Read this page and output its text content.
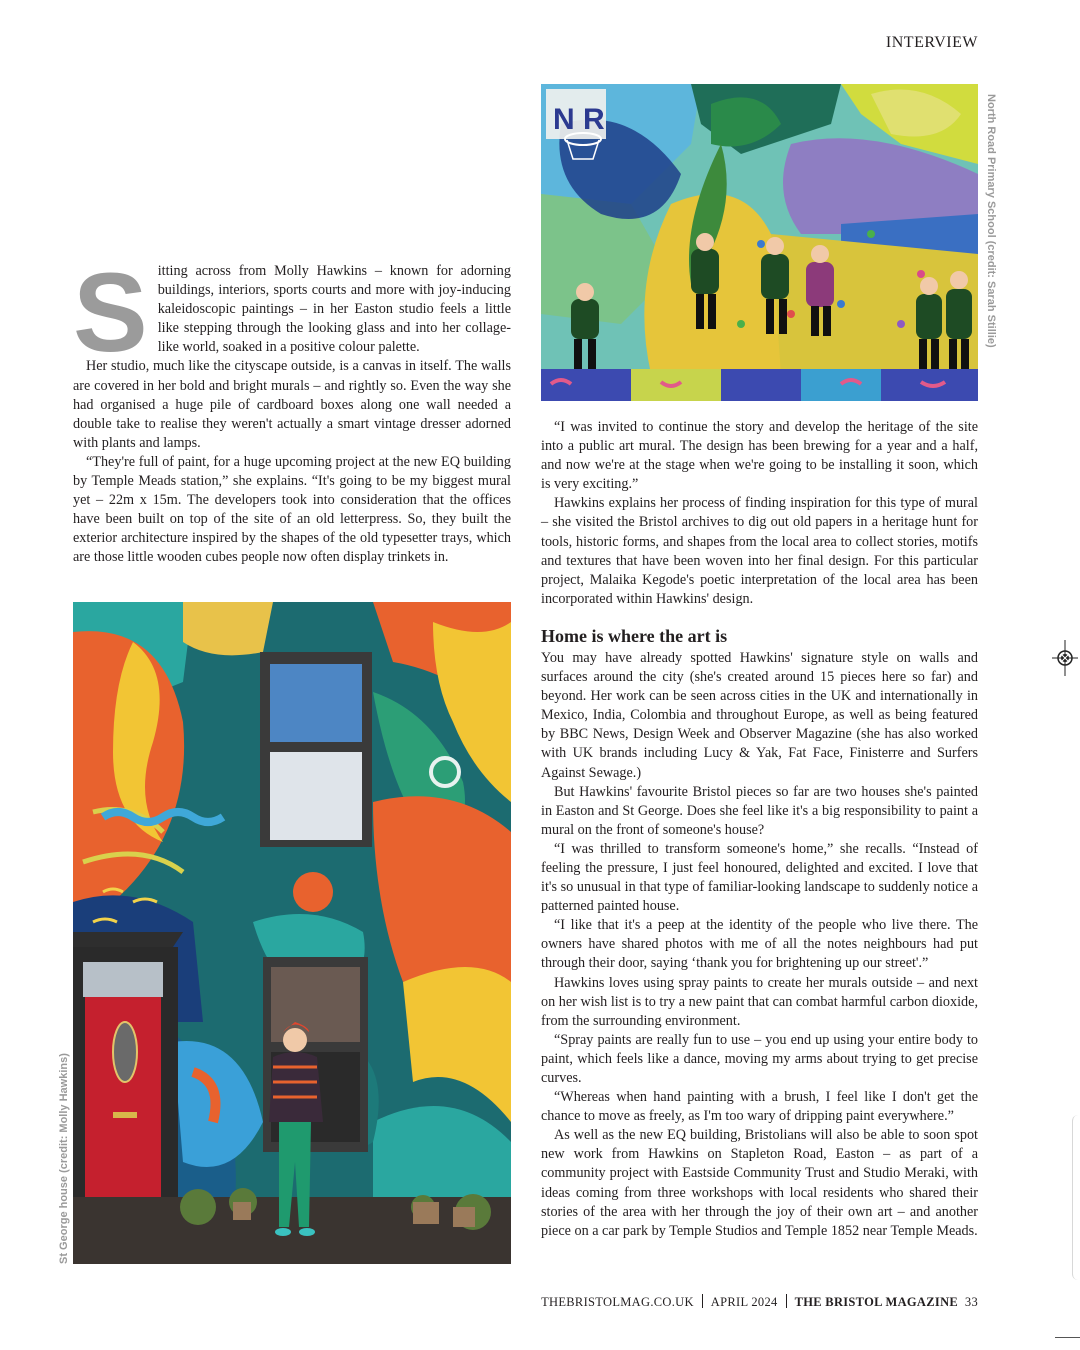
INTERVIEW
N R	North Road Primary School (credit: Sarah Stillie)
S itting across from Molly Hawkins – known for adorning buildings, interiors, sports courts and more with joy-inducing kaleidoscopic paintings – in her Easton studio feels a little like stepping through the looking glass and into her collage-like world, soaked in a positive colour palette.

Her studio, much like the cityscape outside, is a canvas in itself. The walls are covered in her bold and bright murals – and rightly so. Even the way she had organised a huge pile of cardboard boxes along one wall needed a double take to realise they weren't actually a smart vintage dresser adorned with plants and lamps.

“They're full of paint, for a huge upcoming project at the new EQ building by Temple Meads station,” she explains. “It's going to be my biggest mural yet – 22m x 15m. The developers took into consideration that the offices have been built on top of the site of an old letterpress. So, they built the exterior architecture inspired by the shapes of the old typesetter trays, which are those little wooden cubes people now often display trinkets in.

St George house (credit: Molly Hawkins)

“I was invited to continue the story and develop the heritage of the site into a public art mural. The design has been brewing for a year and a half, and now we're at the stage when we're going to be installing it soon, which is very exciting.”

Hawkins explains her process of finding inspiration for this type of mural – she visited the Bristol archives to dig out old papers in a heritage hunt for tools, historic forms, and shapes from the local area to collect stories, motifs and textures that have been woven into her final design. For this particular project, Malaika Kegode's poetic interpretation of the local area has been incorporated within Hawkins' design.

Home is where the art is

You may have already spotted Hawkins' signature style on walls and surfaces around the city (she's created around 15 pieces here so far) and beyond. Her work can be seen across cities in the UK and internationally in Mexico, India, Colombia and throughout Europe, as well as being featured by BBC News, Design Week and Observer Magazine (she has also worked with UK brands including Lucy & Yak, Fat Face, Finisterre and Surfers Against Sewage.)

But Hawkins' favourite Bristol pieces so far are two houses she's painted in Easton and St George. Does she feel like it's a big responsibility to paint a mural on the front of someone's house?

“I was thrilled to transform someone's home,” she recalls. “Instead of feeling the pressure, I just feel honoured, delighted and excited. I love that it's so unusual in that type of familiar-looking landscape to suddenly notice a patterned painted house.

“I like that it's a peep at the identity of the people who live there. The owners have shared photos with me of all the notes neighbours had put through their door, saying ‘thank you for brightening up our street'.”

Hawkins loves using spray paints to create her murals outside – and next on her wish list is to try a new paint that can combat harmful carbon dioxide, from the surrounding environment.

“Spray paints are really fun to use – you end up using your entire body to paint, which feels like a dance, moving my arms about trying to get precise curves.

“Whereas when hand painting with a brush, I feel like I don't get the chance to move as freely, as I'm too wary of dripping paint everywhere.”

As well as the new EQ building, Bristolians will also be able to soon spot new work from Hawkins on Stapleton Road, Easton – as part of a community project with Eastside Community Trust and Studio Meraki, with ideas coming from three workshops with local residents who shared their stories of the area with her through the joy of their own art – and another piece on a car park by Temple Studios and Temple 1852 near Temple Meads.

THEBRISTOLMAG.CO.UK APRIL 2024 THE BRISTOL MAGAZINE 33
